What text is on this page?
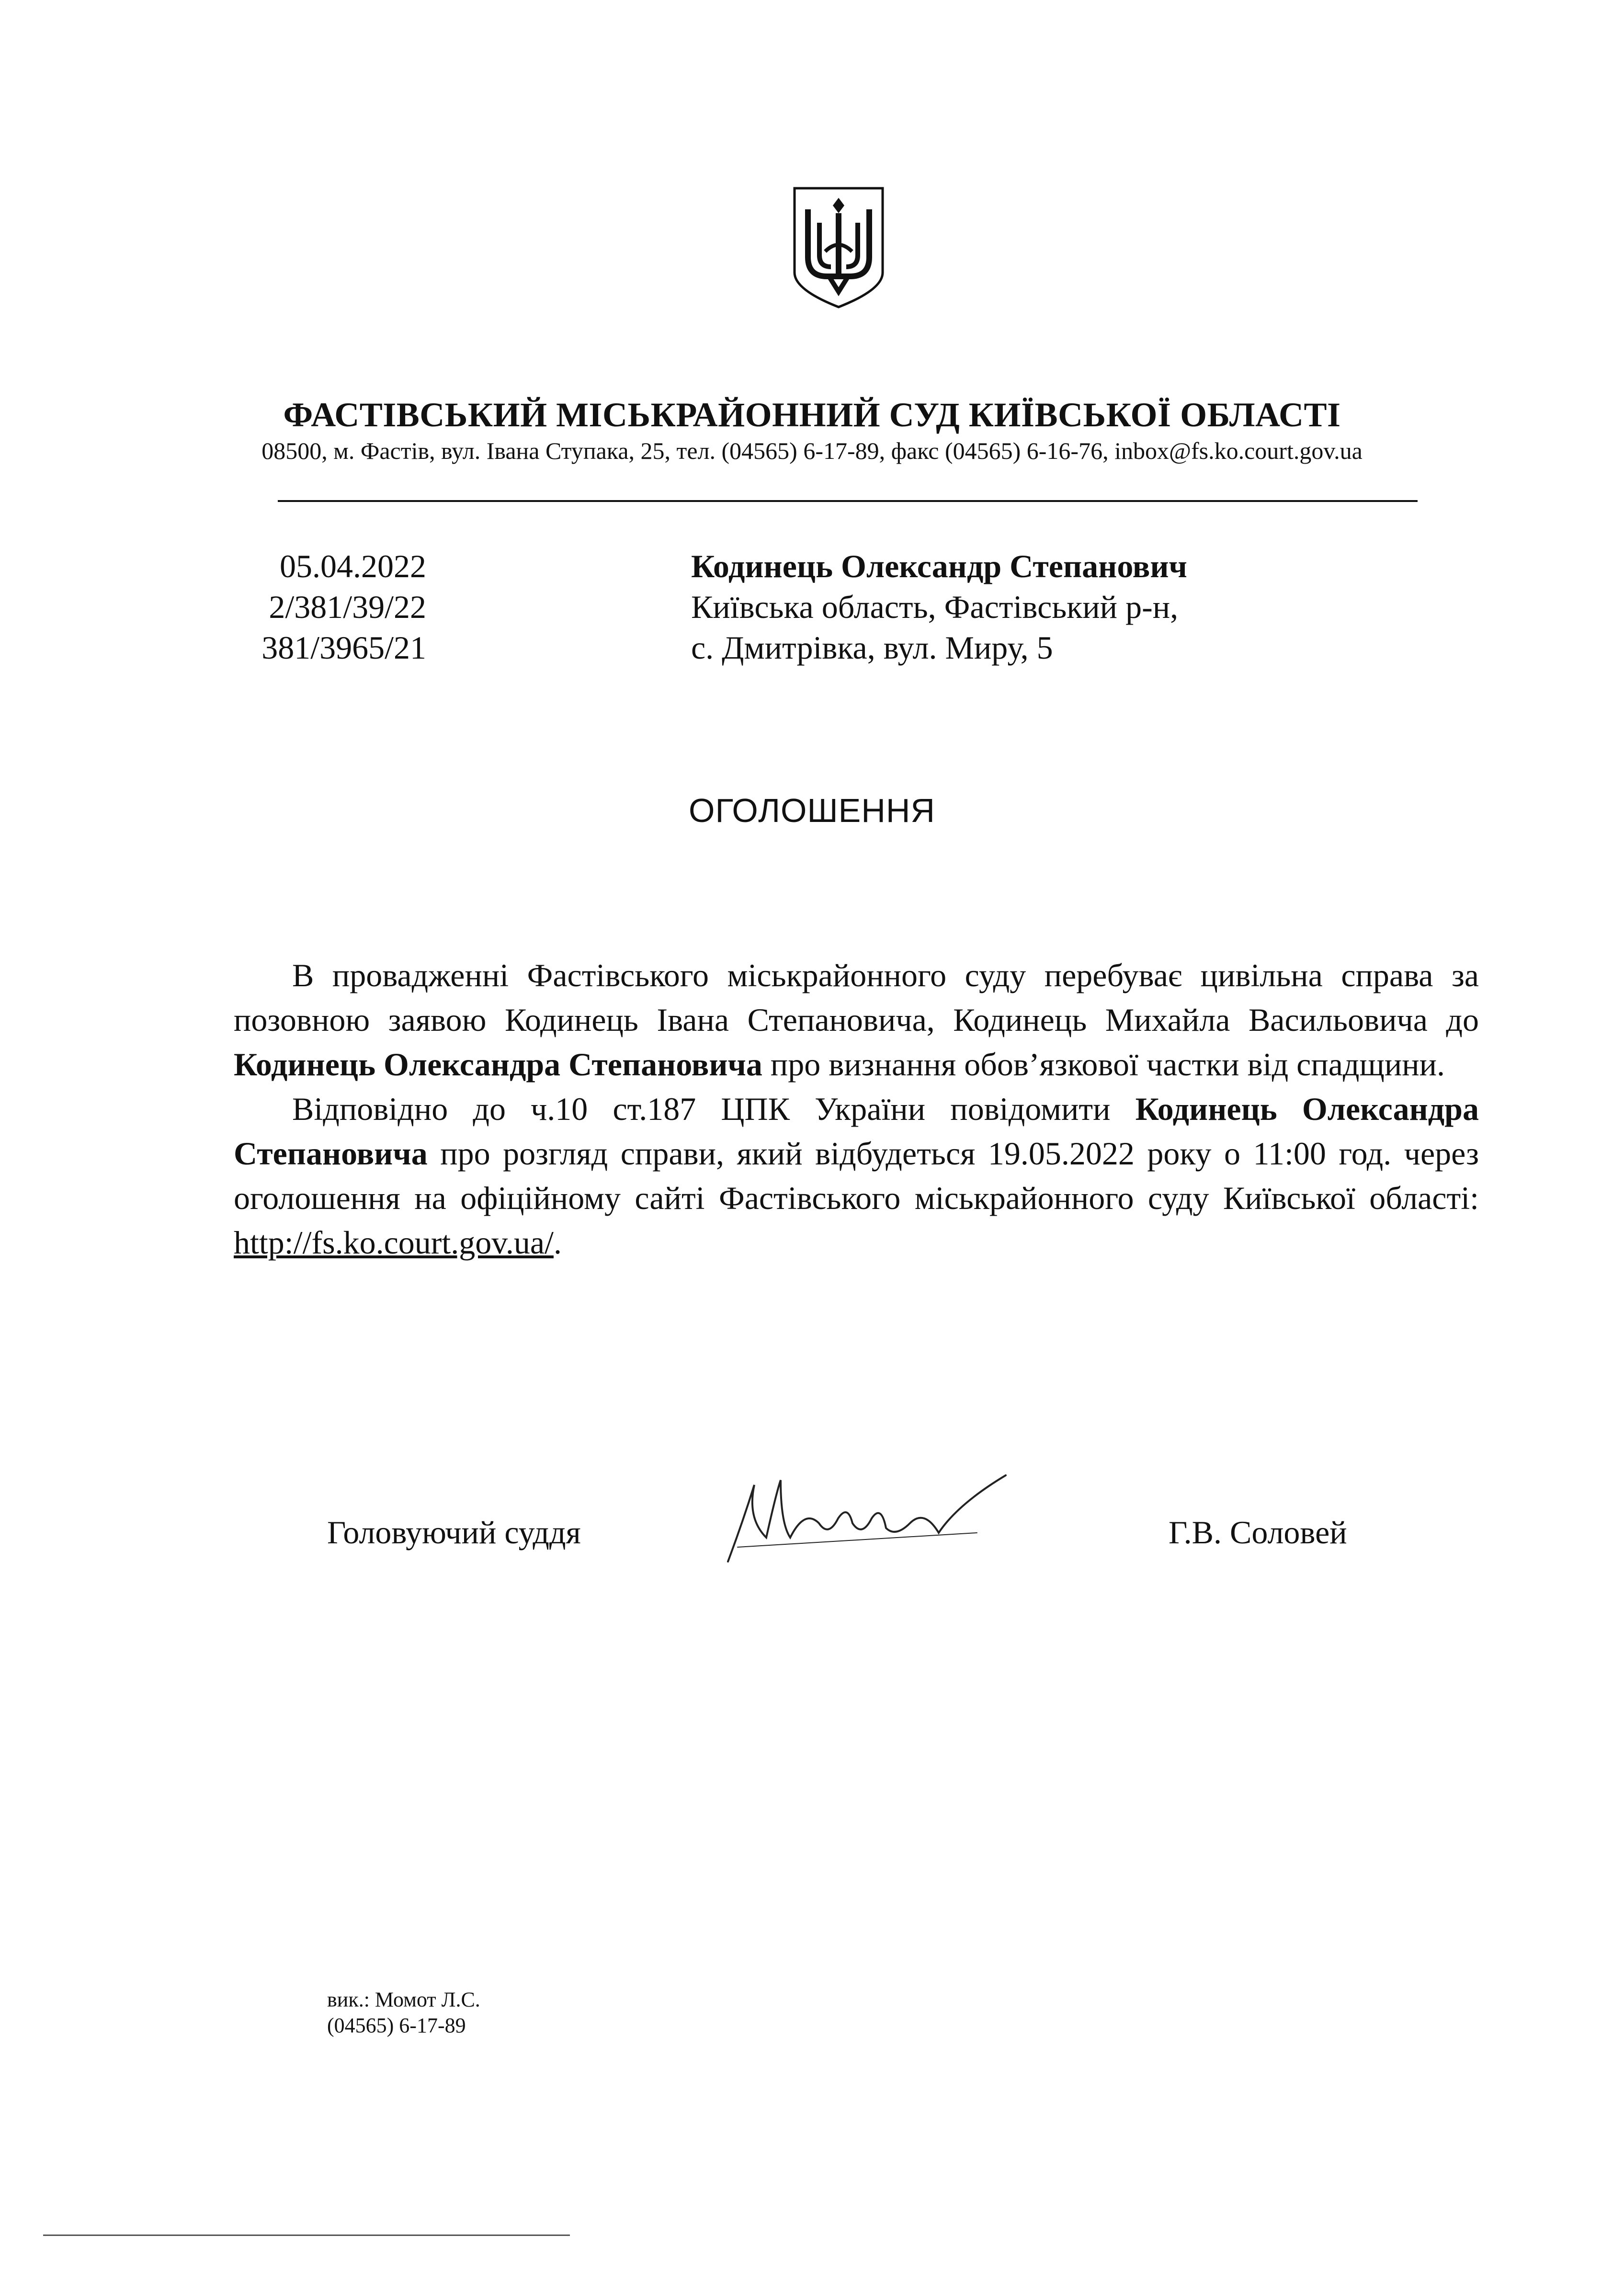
ФАСТІВСЬКИЙ МІСЬКРАЙОННИЙ СУД КИЇВСЬКОЇ ОБЛАСТІ
08500, м. Фастів, вул. Івана Ступака, 25, тел. (04565) 6-17-89, факс (04565) 6-16-76, inbox@fs.ko.court.gov.ua
05.04.2022
2/381/39/22
381/3965/21
Кодинець Олександр Степанович
Київська область, Фастівський р-н,
с. Дмитрівка, вул. Миру, 5
ОГОЛОШЕННЯ

В провадженні Фастівського міськрайонного суду перебуває цивільна справа за позовною заявою Кодинець Івана Степановича, Кодинець Михайла Васильовича до Кодинець Олександра Степановича про визнання обов’язкової частки від спадщини.

Відповідно до ч.10 ст.187 ЦПК України повідомити Кодинець Олександра Степановича про розгляд справи, який відбудеться 19.05.2022 року о 11:00 год. через оголошення на офіційному сайті Фастівського міськрайонного суду Київської області: http://fs.ko.court.gov.ua/.

Головуючий суддя	Г.В. Соловей
вик.: Момот Л.С.
(04565) 6-17-89
